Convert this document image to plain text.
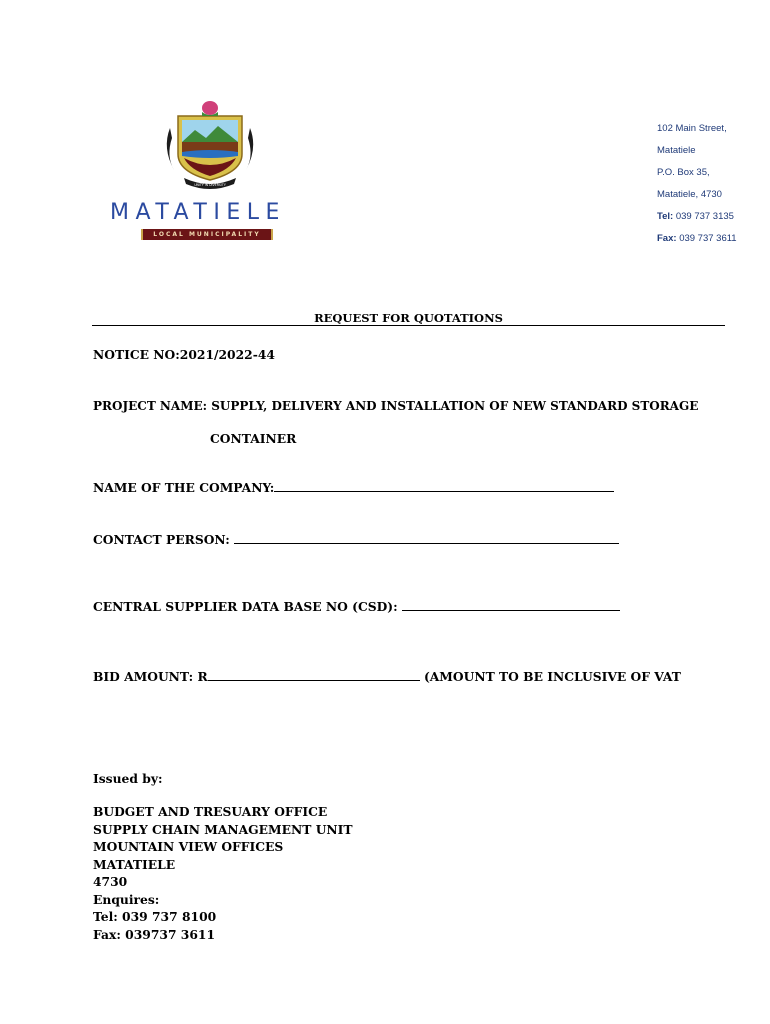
UNITY IN DIVERSITY
MATATIELE
LOCAL MUNICIPALITY
102 Main Street,
Matatiele
P.O. Box 35,
Matatiele, 4730
Tel: 039 737 3135
Fax: 039 737 3611
REQUEST FOR QUOTATIONS
NOTICE NO:2021/2022-44
PROJECT NAME: SUPPLY, DELIVERY AND INSTALLATION OF NEW STANDARD STORAGE
CONTAINER
NAME OF THE COMPANY:
CONTACT PERSON:
CENTRAL SUPPLIER DATA BASE NO (CSD):
BID AMOUNT: R	(AMOUNT TO BE INCLUSIVE OF VAT
Issued by:
BUDGET AND TRESUARY OFFICE
SUPPLY CHAIN MANAGEMENT UNIT
MOUNTAIN VIEW OFFICES
MATATIELE
4730
Enquires:
Tel: 039 737 8100
Fax: 039737 3611
